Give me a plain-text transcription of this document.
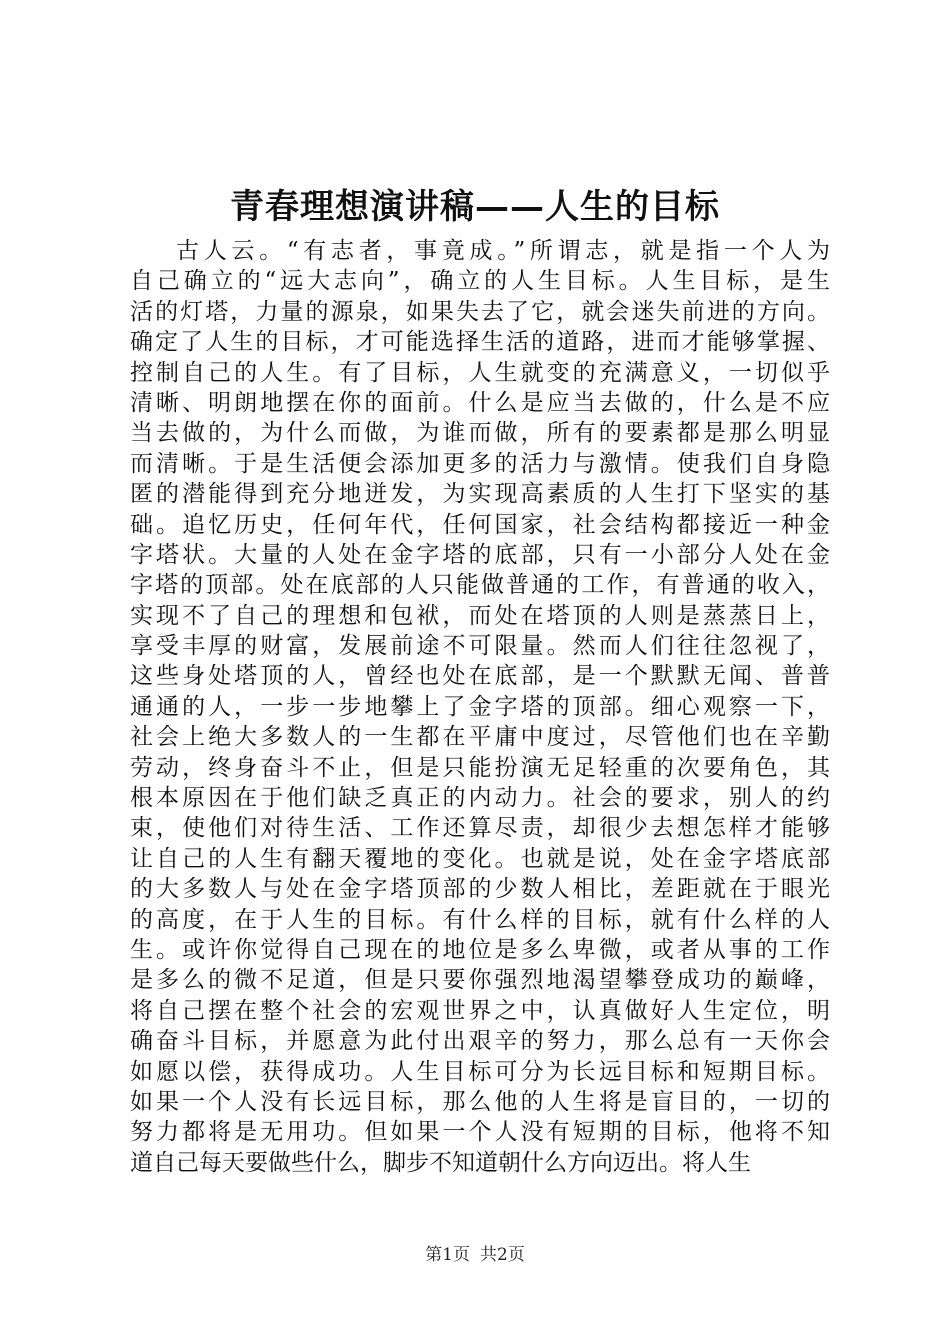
青春理想演讲稿——人生的目标
古人云。“有志者，事竟成。”所谓志，就是指一个人为
自己确立的“远大志向”，确立的人生目标。人生目标，是生
活的灯塔，力量的源泉，如果失去了它，就会迷失前进的方向。
确定了人生的目标，才可能选择生活的道路，进而才能够掌握、
控制自己的人生。有了目标，人生就变的充满意义，一切似乎
清晰、明朗地摆在你的面前。什么是应当去做的，什么是不应
当去做的，为什么而做，为谁而做，所有的要素都是那么明显
而清晰。于是生活便会添加更多的活力与激情。使我们自身隐
匿的潜能得到充分地迸发，为实现高素质的人生打下坚实的基
础。追忆历史，任何年代，任何国家，社会结构都接近一种金
字塔状。大量的人处在金字塔的底部，只有一小部分人处在金
字塔的顶部。处在底部的人只能做普通的工作，有普通的收入，
实现不了自己的理想和包袱，而处在塔顶的人则是蒸蒸日上，
享受丰厚的财富，发展前途不可限量。然而人们往往忽视了，
这些身处塔顶的人，曾经也处在底部，是一个默默无闻、普普
通通的人，一步一步地攀上了金字塔的顶部。细心观察一下，
社会上绝大多数人的一生都在平庸中度过，尽管他们也在辛勤
劳动，终身奋斗不止，但是只能扮演无足轻重的次要角色，其
根本原因在于他们缺乏真正的内动力。社会的要求，别人的约
束，使他们对待生活、工作还算尽责，却很少去想怎样才能够
让自己的人生有翻天覆地的变化。也就是说，处在金字塔底部
的大多数人与处在金字塔顶部的少数人相比，差距就在于眼光
的高度，在于人生的目标。有什么样的目标，就有什么样的人
生。或许你觉得自己现在的地位是多么卑微，或者从事的工作
是多么的微不足道，但是只要你强烈地渴望攀登成功的巅峰，
将自己摆在整个社会的宏观世界之中，认真做好人生定位，明
确奋斗目标，并愿意为此付出艰辛的努力，那么总有一天你会
如愿以偿，获得成功。人生目标可分为长远目标和短期目标。
如果一个人没有长远目标，那么他的人生将是盲目的，一切的
努力都将是无用功。但如果一个人没有短期的目标，他将不知
道自己每天要做些什么，脚步不知道朝什么方向迈出。将人生
第1页 共2页
